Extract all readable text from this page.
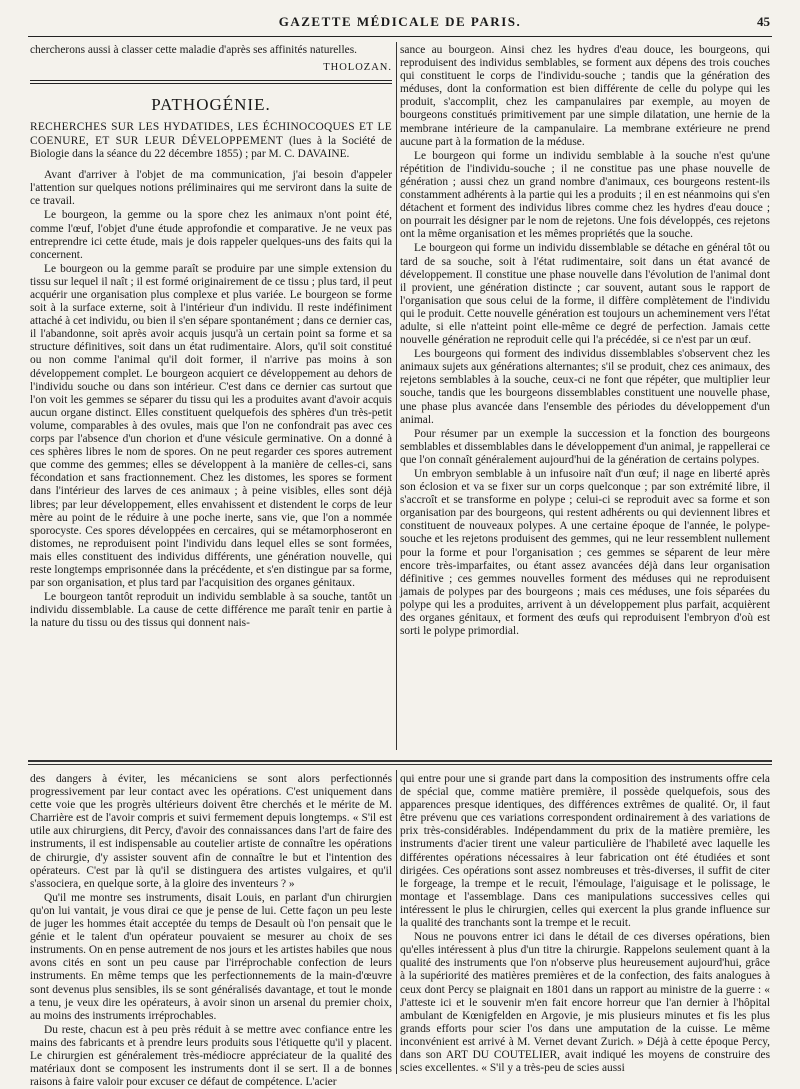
GAZETTE MÉDICALE DE PARIS.	45

chercherons aussi à classer cette maladie d'après ses affinités naturelles.

THOLOZAN.
PATHOGÉNIE.

RECHERCHES SUR LES HYDATIDES, LES ÉCHINOCOQUES ET LE COENURE, ET SUR LEUR DÉVELOPPEMENT (lues à la Société de Biologie dans la séance du 22 décembre 1855) ; par M. C. DAVAINE.

Avant d'arriver à l'objet de ma communication, j'ai besoin d'appeler l'attention sur quelques notions préliminaires qui me serviront dans la suite de ce travail.

Le bourgeon, la gemme ou la spore chez les animaux n'ont point été, comme l'œuf, l'objet d'une étude approfondie et comparative. Je ne veux pas entreprendre ici cette étude, mais je dois rappeler quelques-uns des faits qui la concernent.

Le bourgeon ou la gemme paraît se produire par une simple extension du tissu sur lequel il naît ; il est formé originairement de ce tissu ; plus tard, il peut acquérir une organisation plus complexe et plus variée. Le bourgeon se forme soit à la surface externe, soit à l'intérieur d'un individu. Il reste indéfiniment attaché à cet individu, ou bien il s'en sépare spontanément ; dans ce dernier cas, il l'abandonne, soit après avoir acquis jusqu'à un certain point sa forme et sa structure définitives, soit dans un état rudimentaire. Alors, qu'il soit constitué ou non comme l'animal qu'il doit former, il n'arrive pas moins à son développement complet. Le bourgeon acquiert ce développement au dehors de l'individu souche ou dans son intérieur. C'est dans ce dernier cas surtout que l'on voit les gemmes se séparer du tissu qui les a produites avant d'avoir acquis aucun organe distinct. Elles constituent quelquefois des sphères d'un très-petit volume, comparables à des ovules, mais que l'on ne confondrait pas avec ces corps par l'absence d'un chorion et d'une vésicule germinative. On a donné à ces sphères libres le nom de spores. On ne peut regarder ces spores autrement que comme des gemmes; elles se développent à la manière de celles-ci, sans fécondation et sans fractionnement. Chez les distomes, les spores se forment dans l'intérieur des larves de ces animaux ; à peine visibles, elles sont déjà libres; par leur développement, elles envahissent et distendent le corps de leur mère au point de le réduire à une poche inerte, sans vie, que l'on a nommée sporocyste. Ces spores développées en cercaires, qui se métamorphoseront en distomes, ne reproduisent point l'individu dans lequel elles se sont formées, mais elles constituent des individus différents, une génération nouvelle, qui reste longtemps emprisonnée dans la précédente, et s'en distingue par sa forme, par son organisation, et plus tard par l'acquisition des organes génitaux.

Le bourgeon tantôt reproduit un individu semblable à sa souche, tantôt un individu dissemblable. La cause de cette différence me paraît tenir en partie à la nature du tissu ou des tissus qui donnent nais-

sance au bourgeon. Ainsi chez les hydres d'eau douce, les bourgeons, qui reproduisent des individus semblables, se forment aux dépens des trois couches qui constituent le corps de l'individu-souche ; tandis que la génération des méduses, dont la conformation est bien différente de celle du polype qui les produit, s'accomplit, chez les campanulaires par exemple, au moyen de bourgeons constitués primitivement par une simple dilatation, une hernie de la membrane intérieure de la campanulaire. La membrane extérieure ne prend aucune part à la formation de la méduse.

Le bourgeon qui forme un individu semblable à la souche n'est qu'une répétition de l'individu-souche ; il ne constitue pas une phase nouvelle de génération ; aussi chez un grand nombre d'animaux, ces bourgeons restent-ils constamment adhérents à la partie qui les a produits ; il en est néanmoins qui s'en détachent et forment des individus libres comme chez les hydres d'eau douce ; on pourrait les désigner par le nom de rejetons. Une fois développés, ces rejetons ont la même organisation et les mêmes propriétés que la souche.

Le bourgeon qui forme un individu dissemblable se détache en général tôt ou tard de sa souche, soit à l'état rudimentaire, soit dans un état avancé de développement. Il constitue une phase nouvelle dans l'évolution de l'animal dont il provient, une génération distincte ; car souvent, autant sous le rapport de l'organisation que sous celui de la forme, il diffère complètement de l'individu qui le produit. Cette nouvelle génération est toujours un acheminement vers l'état adulte, si elle n'atteint point elle-même ce degré de perfection. Jamais cette nouvelle génération ne reproduit celle qui l'a précédée, si ce n'est par un œuf.

Les bourgeons qui forment des individus dissemblables s'observent chez les animaux sujets aux générations alternantes; s'il se produit, chez ces animaux, des rejetons semblables à la souche, ceux-ci ne font que répéter, que multiplier leur souche, tandis que les bourgeons dissemblables constituent une nouvelle phase, une phase plus avancée dans l'ensemble des périodes du développement d'un animal.

Pour résumer par un exemple la succession et la fonction des bourgeons semblables et dissemblables dans le développement d'un animal, je rappellerai ce que l'on connaît généralement aujourd'hui de la génération de certains polypes.

Un embryon semblable à un infusoire naît d'un œuf; il nage en liberté après son éclosion et va se fixer sur un corps quelconque ; par son extrémité libre, il s'accroît et se transforme en polype ; celui-ci se reproduit avec sa forme et son organisation par des bourgeons, qui restent adhérents ou qui deviennent libres et constituent de nouveaux polypes. A une certaine époque de l'année, le polype-souche et les rejetons produisent des gemmes, qui ne leur ressemblent nullement pour la forme et pour l'organisation ; ces gemmes se séparent de leur mère encore très-imparfaites, ou étant assez avancées déjà dans leur organisation définitive ; ces gemmes nouvelles forment des méduses qui ne reproduisent jamais de polypes par des bourgeons ; mais ces méduses, une fois séparées du polype qui les a produites, arrivent à un développement plus parfait, acquièrent des organes génitaux, et forment des œufs qui reproduisent l'embryon d'où est sorti le polype primordial.

des dangers à éviter, les mécaniciens se sont alors perfectionnés progressivement par leur contact avec les opérations. C'est uniquement dans cette voie que les progrès ultérieurs doivent être cherchés et le mérite de M. Charrière est de l'avoir compris et suivi fermement depuis longtemps. « S'il est utile aux chirurgiens, dit Percy, d'avoir des connaissances dans l'art de faire des instruments, il est indispensable au coutelier artiste de connaître les opérations de chirurgie, d'y assister souvent afin de connaître le but et l'intention des opérateurs. C'est par là qu'il se distinguera des artistes vulgaires, et qu'il s'associera, en quelque sorte, à la gloire des inventeurs ? »

Qu'il me montre ses instruments, disait Louis, en parlant d'un chirurgien qu'on lui vantait, je vous dirai ce que je pense de lui. Cette façon un peu leste de juger les hommes était acceptée du temps de Desault où l'on pensait que le génie et le talent d'un opérateur pouvaient se mesurer au choix de ses instruments. On en pense autrement de nos jours et les artistes habiles que nous avons cités en sont un peu cause par l'irréprochable confection de leurs instruments. En même temps que les perfectionnements de la main-d'œuvre sont devenus plus sensibles, ils se sont généralisés davantage, et tout le monde a tenu, je veux dire les opérateurs, à avoir sinon un arsenal du premier choix, au moins des instruments irréprochables.

Du reste, chacun est à peu près réduit à se mettre avec confiance entre les mains des fabricants et à prendre leurs produits sous l'étiquette qu'il y placent. Le chirurgien est généralement très-médiocre appréciateur de la qualité des matériaux dont se composent les instruments dont il se sert. Il a de bonnes raisons à faire valoir pour excuser ce défaut de compétence. L'acier

qui entre pour une si grande part dans la composition des instruments offre cela de spécial que, comme matière première, il possède quelquefois, sous des apparences presque identiques, des différences extrêmes de qualité. Or, il faut être prévenu que ces variations correspondent ordinairement à des variations de prix très-considérables. Indépendamment du prix de la matière première, les instruments d'acier tirent une valeur particulière de l'habileté avec laquelle les différentes opérations nécessaires à leur fabrication ont été étudiées et sont dirigées. Ces opérations sont assez nombreuses et très-diverses, il suffit de citer le forgeage, la trempe et le recuit, l'émoulage, l'aiguisage et le polissage, le montage et l'assemblage. Dans ces manipulations successives celles qui intéressent le plus le chirurgien, celles qui exercent la plus grande influence sur la qualité des tranchants sont la trempe et le recuit.

Nous ne pouvons entrer ici dans le détail de ces diverses opérations, bien qu'elles intéressent à plus d'un titre la chirurgie. Rappelons seulement quant à la qualité des instruments que l'on n'observe plus heureusement aujourd'hui, grâce à la supériorité des matières premières et de la confection, des faits analogues à ceux dont Percy se plaignait en 1801 dans un rapport au ministre de la guerre : « J'atteste ici et le souvenir m'en fait encore horreur que l'an dernier à l'hôpital ambulant de Kœnigfelden en Argovie, je mis plusieurs minutes et fis les plus grands efforts pour scier l'os dans une amputation de la cuisse. Le même inconvénient est arrivé à M. Vernet devant Zurich. » Déjà à cette époque Percy, dans son ART DU COUTELIER, avait indiqué les moyens de construire des scies excellentes. « S'il y a très-peu de scies aussi
